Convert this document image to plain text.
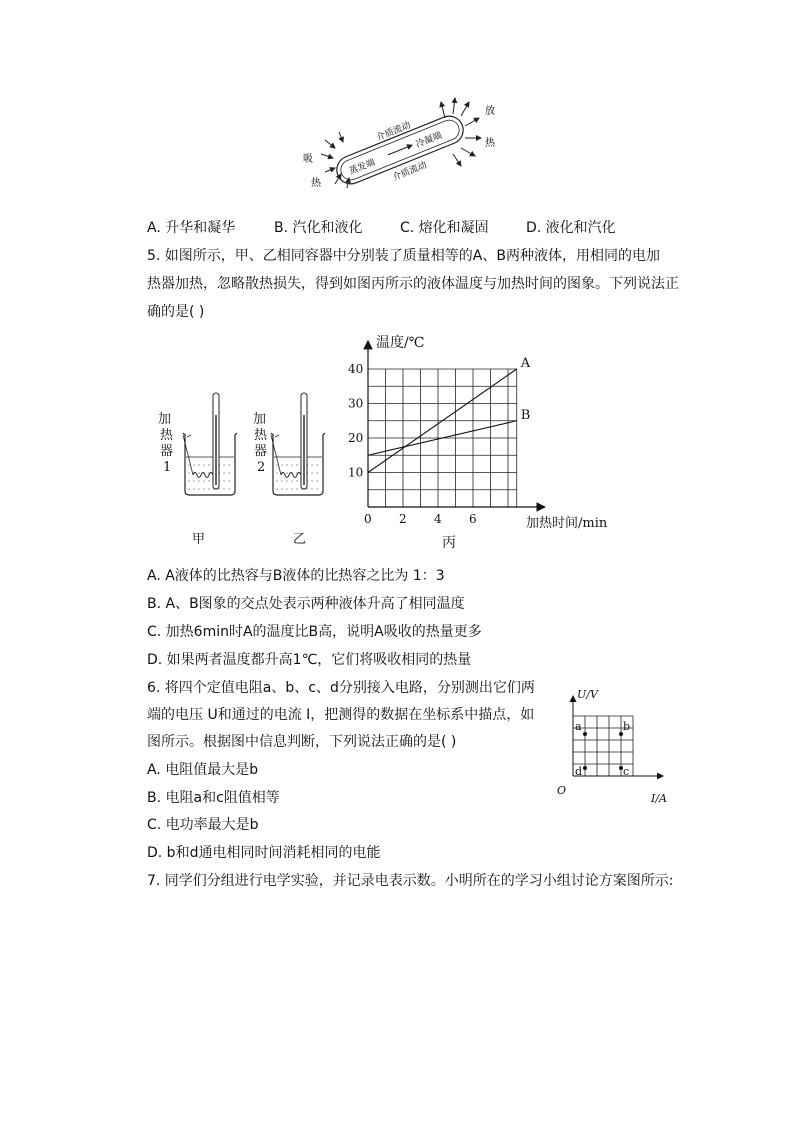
介质流动
介质流动
蒸发端
冷凝端
吸
热
放
热
A. 升华和凝华	B. 汽化和液化	C. 熔化和凝固	D. 液化和汽化
5. 如图所示，甲、乙相同容器中分别装了质量相等的A、B两种液体，用相同的电加
热器加热，忽略散热损失，得到如图丙所示的液体温度与加热时间的图象。下列说法正
确的是( )
加
热
器
1
加
热
器
2
甲	乙
A
B
0 2 4 6
10
20
30
40
温度/℃
加热时间/min
丙
A. A液体的比热容与B液体的比热容之比为 1：3
B. A、B图象的交点处表示两种液体升高了相同温度
C. 加热6min时A的温度比B高，说明A吸收的热量更多
D. 如果两者温度都升高1℃，它们将吸收相同的热量
6. 将四个定值电阻a、b、c、d分别接入电路，分别测出它们两
端的电压 U和通过的电流 I，把测得的数据在坐标系中描点，如
图所示。根据图中信息判断，下列说法正确的是( )
U/V
I/A
O
a	b
c
d
A. 电阻值最大是b
B. 电阻a和c阻值相等
C. 电功率最大是b
D. b和d通电相同时间消耗相同的电能
7. 同学们分组进行电学实验，并记录电表示数。小明所在的学习小组讨论方案图所示:
